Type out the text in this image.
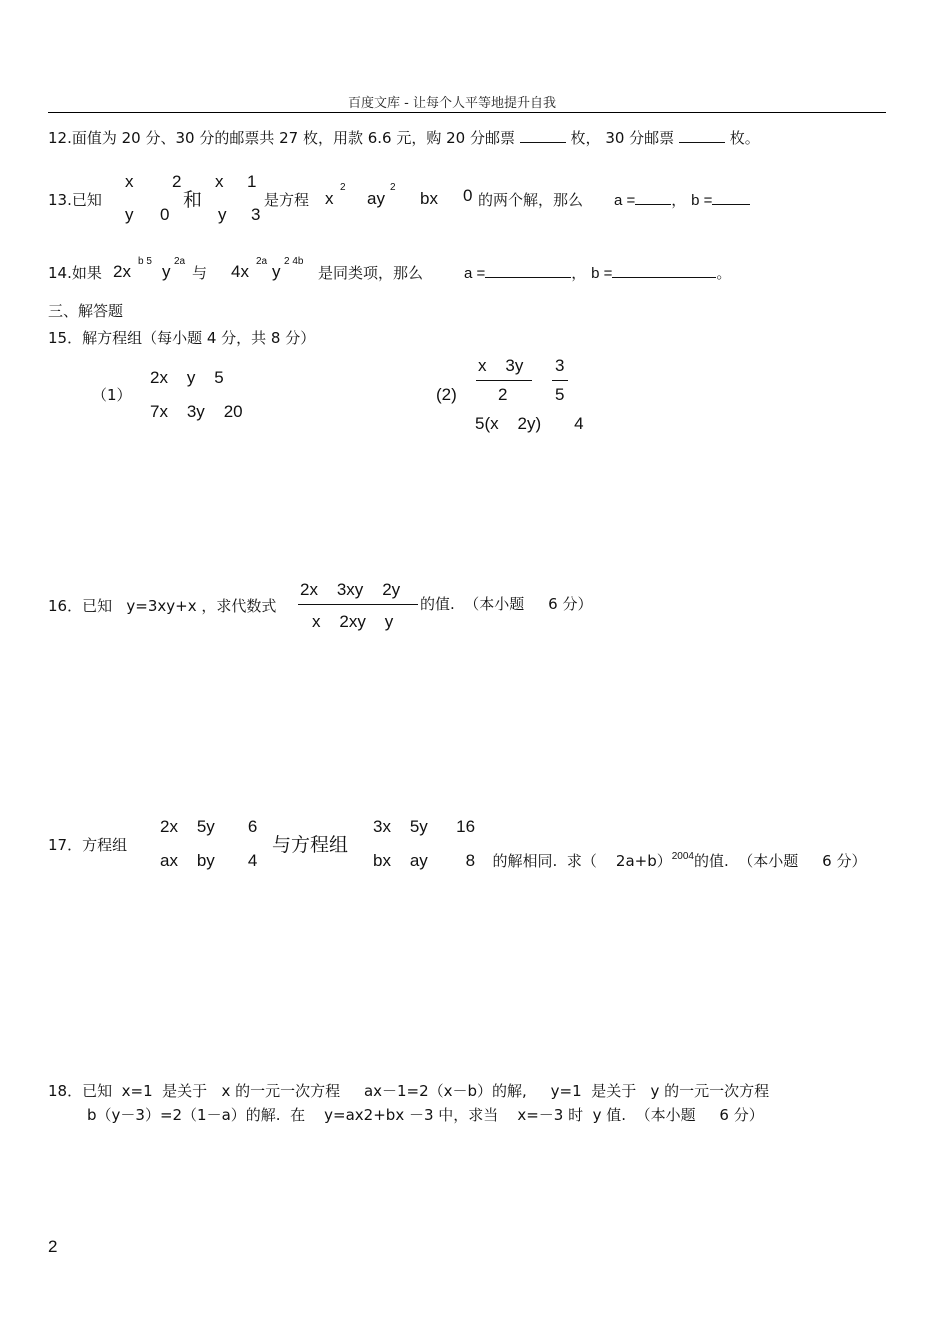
百度文库 - 让每个人平等地提升自我
12.面值为 20 分、30 分的邮票共 27 枚，用款 6.6 元，购 20 分邮票	枚， 30 分邮票	枚。
13.已知
x 2
y 0
和
x 1
y 3
是方程 x
2
ay
2
bx 0 的两个解，那么 a = ， b =
14.如果 2x
b 5
y
2a
与 4x
2a
y
2 4b
是同类项，那么	a =	， b =	。
三、解答题
15．解方程组（每小题 4 分，共 8 分）
（1）
2x    y    5
7x    3y    20
(2)
x    3y
2
3
5
5(x    2y)       4
16．已知   y=3xy+x ，求代数式
2x    3xy    2y
x    2xy    y
的值.  （本小题     6 分）
17．方程组
2x    5y       6
ax    by       4
与方程组
3x    5y      16
bx    ay        8	的解相同.  求（    2a+b）$^{2004}$的值.  （本小题     6 分）

18．已知  x=1  是关于   x 的一元一次方程     ax－1=2（x－b）的解,     y=1  是关于   y 的一元一次方程
b（y－3）=2（1－a）的解.  在    y=ax2+bx －3 中，求当    x=－3 时  y 值.  （本小题     6 分）
2
